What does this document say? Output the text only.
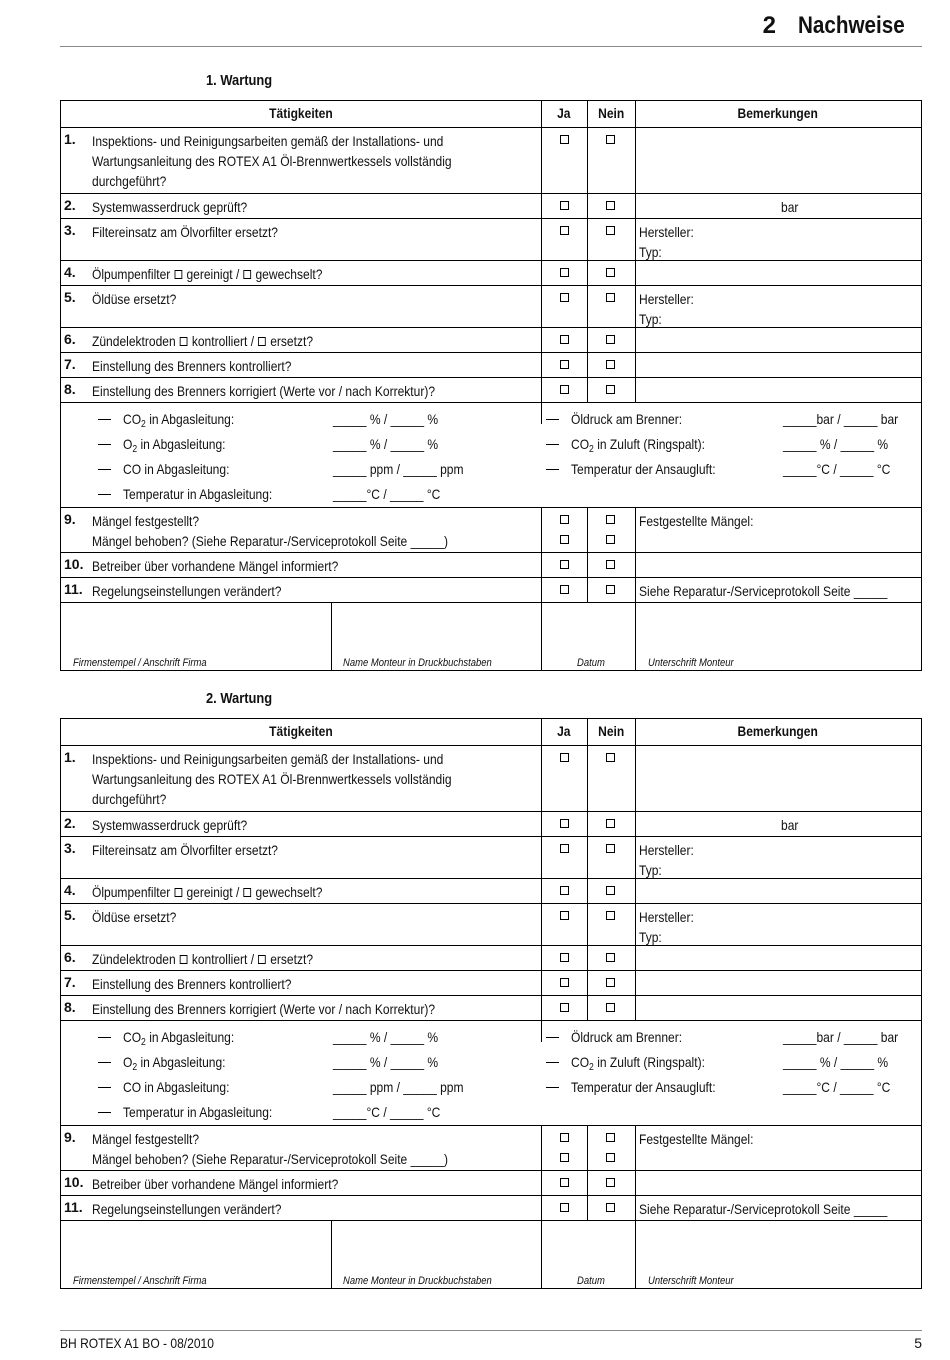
2 Nachweise
BH ROTEX A1 BO - 08/2010	5
1. Wartung
Tätigkeiten	Ja	Nein	Bemerkungen
1.	Inspektions- und Reinigungsarbeiten gemäß der Installations- und
Wartungsanleitung des ROTEX A1 Öl-Brennwertkessels vollständig
durchgeführt?
2.	Systemwasserdruck geprüft?	bar
3.	Filtereinsatz am Ölvorfilter ersetzt?	Hersteller:
Typ:
4.	Ölpumpenfilter  gereinigt /  gewechselt?
5.	Öldüse ersetzt?	Hersteller:
Typ:
6.	Zündelektroden  kontrolliert /  ersetzt?
7.	Einstellung des Brenners kontrolliert?
8.	Einstellung des Brenners korrigiert (Werte vor / nach Korrektur)?
$CO_2$ in Abgasleitung:	_____ % / _____ %
$O_2$ in Abgasleitung:	_____ % / _____ %
CO in Abgasleitung:	_____ ppm / _____ ppm
Temperatur in Abgasleitung:	_____°C / _____ °C
Öldruck am Brenner:	_____bar / _____ bar
$CO_2$ in Zuluft (Ringspalt):	_____ % / _____ %
Temperatur der Ansaugluft:	_____°C / _____ °C
9.	Mängel festgestellt?
Mängel behoben? (Siehe Reparatur-/Serviceprotokoll Seite _____)
Festgestellte Mängel:
10. Betreiber über vorhandene Mängel informiert?
11. Regelungseinstellungen verändert?	Siehe Reparatur-/Serviceprotokoll Seite _____
Firmenstempel / Anschrift Firma	Name Monteur in Druckbuchstaben	Datum	Unterschrift Monteur
2. Wartung
Tätigkeiten	Ja	Nein	Bemerkungen
1.	Inspektions- und Reinigungsarbeiten gemäß der Installations- und
Wartungsanleitung des ROTEX A1 Öl-Brennwertkessels vollständig
durchgeführt?
2.	Systemwasserdruck geprüft?	bar
3.	Filtereinsatz am Ölvorfilter ersetzt?	Hersteller:
Typ:
4.	Ölpumpenfilter  gereinigt /  gewechselt?
5.	Öldüse ersetzt?	Hersteller:
Typ:
6.	Zündelektroden  kontrolliert /  ersetzt?
7.	Einstellung des Brenners kontrolliert?
8.	Einstellung des Brenners korrigiert (Werte vor / nach Korrektur)?
$CO_2$ in Abgasleitung:	_____ % / _____ %
$O_2$ in Abgasleitung:	_____ % / _____ %
CO in Abgasleitung:	_____ ppm / _____ ppm
Temperatur in Abgasleitung:	_____°C / _____ °C
Öldruck am Brenner:	_____bar / _____ bar
$CO_2$ in Zuluft (Ringspalt):	_____ % / _____ %
Temperatur der Ansaugluft:	_____°C / _____ °C
9.	Mängel festgestellt?
Mängel behoben? (Siehe Reparatur-/Serviceprotokoll Seite _____)
Festgestellte Mängel:
10. Betreiber über vorhandene Mängel informiert?
11. Regelungseinstellungen verändert?	Siehe Reparatur-/Serviceprotokoll Seite _____
Firmenstempel / Anschrift Firma	Name Monteur in Druckbuchstaben	Datum	Unterschrift Monteur
